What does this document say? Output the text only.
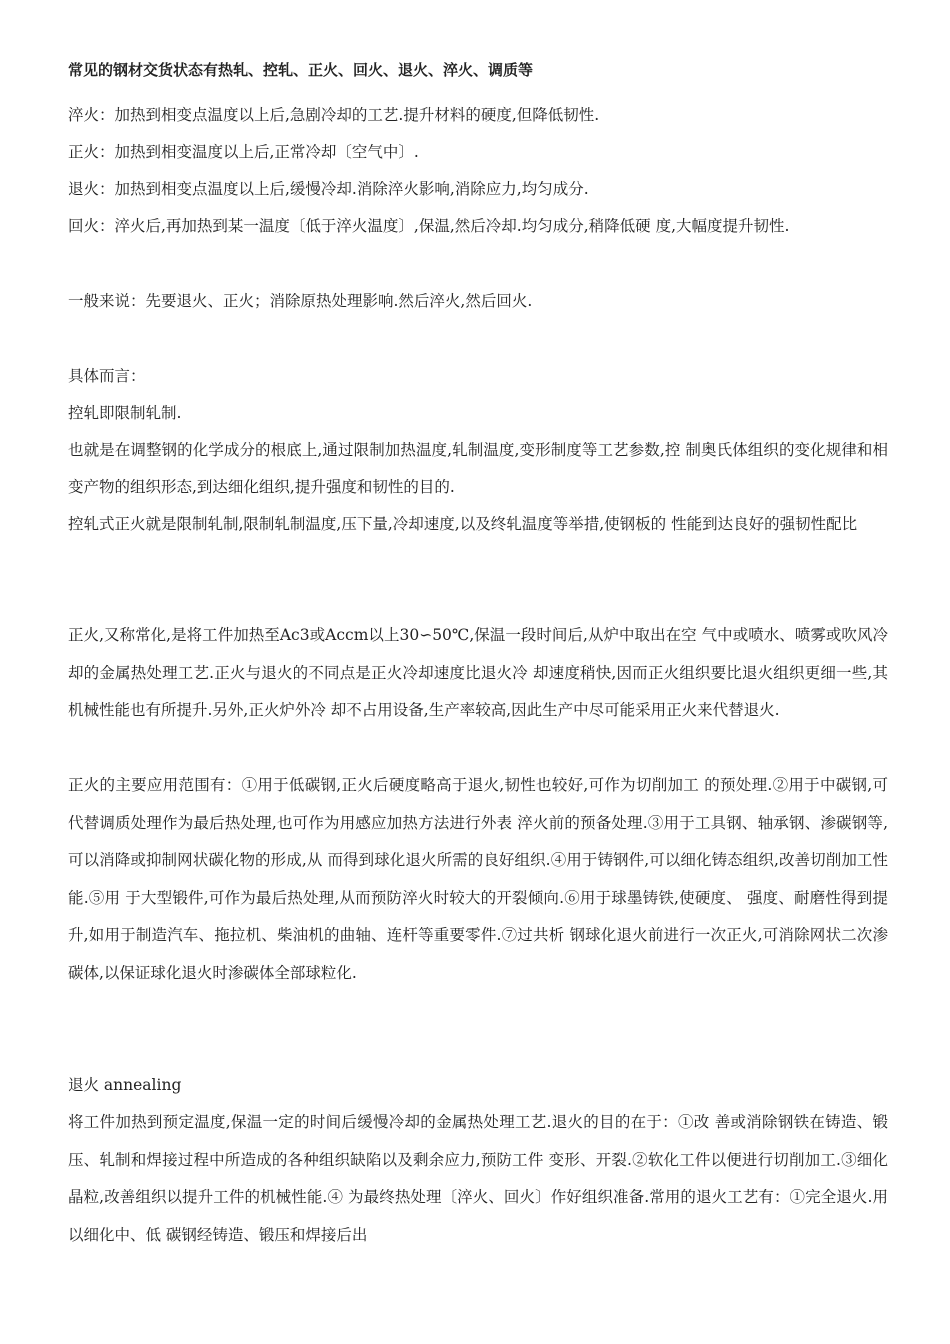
常见的钢材交货状态有热轧、控轧、正火、回火、退火、淬火、调质等
淬火：加热到相变点温度以上后,急剧冷却的工艺.提升材料的硬度,但降低韧性.
正火：加热到相变温度以上后,正常冷却〔空气中〕.
退火：加热到相变点温度以上后,缓慢冷却.消除淬火影响,消除应力,均匀成分.
回火：淬火后,再加热到某一温度〔低于淬火温度〕,保温,然后冷却.均匀成分,稍降低硬 度,大幅度提升韧性.
一般来说：先要退火、正火；消除原热处理影响.然后淬火,然后回火.
具体而言：
控轧即限制轧制.
也就是在调整钢的化学成分的根底上,通过限制加热温度,轧制温度,变形制度等工艺参数,控 制奥氏体组织的变化规律和相变产物的组织形态,到达细化组织,提升强度和韧性的目的.
控轧式正火就是限制轧制,限制轧制温度,压下量,冷却速度,以及终轧温度等举措,使钢板的 性能到达良好的强韧性配比
正火,又称常化,是将工件加热至Ac3或Accm以上30∽50℃,保温一段时间后,从炉中取出在空 气中或喷水、喷雾或吹风冷却的金属热处理工艺.正火与退火的不同点是正火冷却速度比退火冷 却速度稍快,因而正火组织要比退火组织更细一些,其机械性能也有所提升.另外,正火炉外冷 却不占用设备,生产率较高,因此生产中尽可能采用正火来代替退火.
正火的主要应用范围有：①用于低碳钢,正火后硬度略高于退火,韧性也较好,可作为切削加工 的预处理.②用于中碳钢,可代替调质处理作为最后热处理,也可作为用感应加热方法进行外表 淬火前的预备处理.③用于工具钢、轴承钢、渗碳钢等,可以消降或抑制网状碳化物的形成,从 而得到球化退火所需的良好组织.④用于铸钢件,可以细化铸态组织,改善切削加工性能.⑤用 于大型锻件,可作为最后热处理,从而预防淬火时较大的开裂倾向.⑥用于球墨铸铁,使硬度、 强度、耐磨性得到提升,如用于制造汽车、拖拉机、柴油机的曲轴、连杆等重要零件.⑦过共析 钢球化退火前进行一次正火,可消除网状二次渗碳体,以保证球化退火时渗碳体全部球粒化.
退火 annealing
将工件加热到预定温度,保温一定的时间后缓慢冷却的金属热处理工艺.退火的目的在于：①改 善或消除钢铁在铸造、锻压、轧制和焊接过程中所造成的各种组织缺陷以及剩余应力,预防工件 变形、开裂.②软化工件以便进行切削加工.③细化晶粒,改善组织以提升工件的机械性能.④ 为最终热处理〔淬火、回火〕作好组织准备.常用的退火工艺有：①完全退火.用以细化中、低 碳钢经铸造、锻压和焊接后出
